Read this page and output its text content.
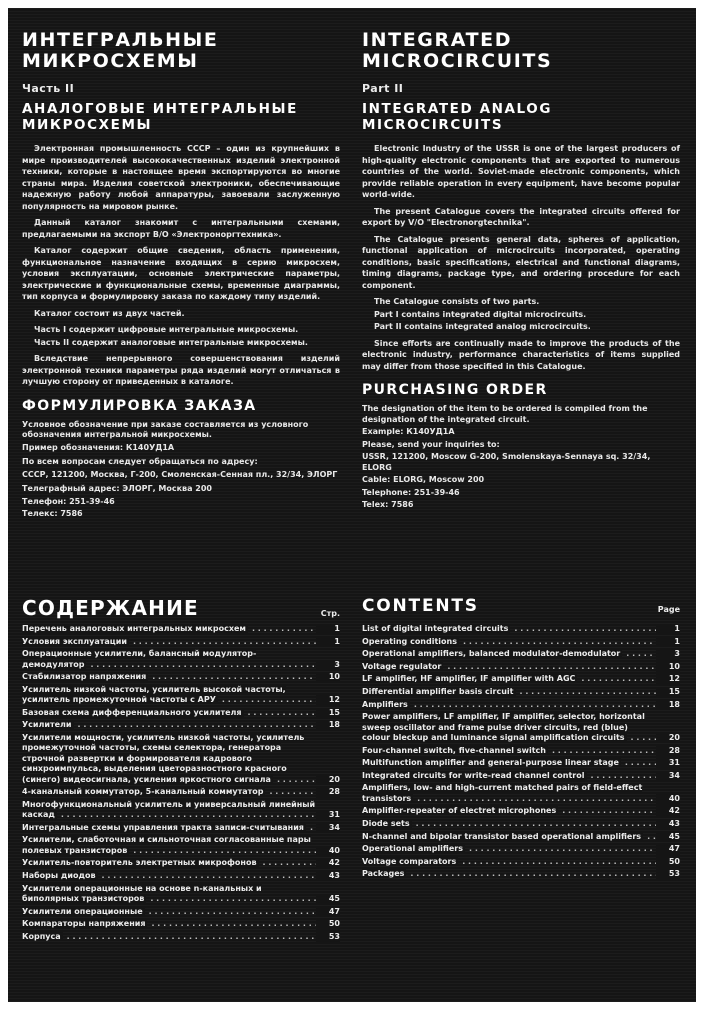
ИНТЕГРАЛЬНЫЕ МИКРОСХЕМЫ
Часть II
АНАЛОГОВЫЕ ИНТЕГРАЛЬНЫЕ МИКРОСХЕМЫ

Электронная промышленность СССР – один из крупнейших в мире производителей высококачественных изделий электронной техники, которые в настоящее время экспортируются во многие страны мира. Изделия советской электроники, обеспечивающие надежную работу любой аппаратуры, завоевали заслуженную популярность на мировом рынке.

Данный каталог знакомит с интегральными схемами, предлагаемыми на экспорт В/О «Электроноргтехника».

Каталог содержит общие сведения, область применения, функциональное назначение входящих в серию микросхем, условия эксплуатации, основные электрические параметры, электрические и функциональные схемы, временные диаграммы, тип корпуса и формулировку заказа по каждому типу изделий.

Каталог состоит из двух частей.

Часть I содержит цифровые интегральные микросхемы.

Часть II содержит аналоговые интегральные микросхемы.

Вследствие непрерывного совершенствования изделий электронной техники параметры ряда изделий могут отличаться в лучшую сторону от приведенных в каталоге.

ФОРМУЛИРОВКА ЗАКАЗА

Условное обозначение при заказе составляется из условного обозначения интегральной микросхемы.

Пример обозначения: К140УД1А

По всем вопросам следует обращаться по адресу:

СССР, 121200, Москва, Г-200, Смоленская-Сенная пл., 32/34, ЭЛОРГ

Телеграфный адрес: ЭЛОРГ, Москва 200

Телефон: 251-39-46

Телекс: 7586

INTEGRATED MICROCIRCUITS
Part II
INTEGRATED ANALOG MICROCIRCUITS

Electronic Industry of the USSR is one of the largest producers of high-quality electronic components that are exported to numerous countries of the world. Soviet-made electronic components, which provide reliable operation in every equipment, have become popular world-wide.

The present Catalogue covers the integrated circuits offered for export by V/O "Electronorgtechnika".

The Catalogue presents general data, spheres of application, functional application of microcircuits incorporated, operating conditions, basic specifications, electrical and functional diagrams, timing diagrams, package type, and ordering procedure for each component.

The Catalogue consists of two parts.

Part I contains integrated digital microcircuits.

Part II contains integrated analog microcircuits.

Since efforts are continually made to improve the products of the electronic industry, performance characteristics of items supplied may differ from those specified in this Catalogue.

PURCHASING ORDER

The designation of the item to be ordered is compiled from the designation of the integrated circuit.

Example: К140УД1А

Please, send your inquiries to:

USSR, 121200, Moscow G-200, Smolenskaya-Sennaya sq. 32/34, ELORG

Cable: ELORG, Moscow 200

Telephone: 251-39-46

Telex: 7586

СОДЕРЖАНИЕ	Стр. CONTENTS	Page
Перечень аналоговых интегральных микросхем . . .	1
Условия эксплуатации . . .	1
Операционные усилители, балансный модулятор-демодулятор . . .	3
Стабилизатор напряжения . . .	10
Усилитель низкой частоты, усилитель высокой частоты, усилитель промежуточной частоты с АРУ . . .	12
Базовая схема дифференциального усилителя . . .	15
Усилители . . .	18
Усилители мощности, усилитель низкой частоты, усилитель промежуточной частоты, схемы селектора, генератора строчной развертки и формирователя кадрового синхроимпульса, выделения цветоразностного красного (синего) видеосигнала, усиления яркостного сигнала . . .	20
4-канальный коммутатор, 5-канальный коммутатор . . .	28
Многофункциональный усилитель и универсальный линейный каскад . . .	31
Интегральные схемы управления тракта записи-считывания . . .	34
Усилители, слаботочная и сильноточная согласованные пары полевых транзисторов . . .	40
Усилитель-повторитель электретных микрофонов . . .	42
Наборы диодов . . .	43
Усилители операционные на основе n-канальных и биполярных транзисторов . . .	45
Усилители операционные . . .	47
Компараторы напряжения . . .	50
Корпуса . . .	53
List of digital integrated circuits . . .	1
Operating conditions . . .	1
Operational amplifiers, balanced modulator-demodulator . . .	3
Voltage regulator . . .	10
LF amplifier, HF amplifier, IF amplifier with AGC . . .	12
Differential amplifier basis circuit . . .	15
Amplifiers . . .	18
Power amplifiers, LF amplifier, IF amplifier, selector, horizontal sweep oscillator and frame pulse driver circuits, red (blue) colour bleckup and luminance signal amplification circuits . . .	20
Four-channel switch, five-channel switch . . .	28
Multifunction amplifier and general-purpose linear stage . . .	31
Integrated circuits for write-read channel control . . .	34
Amplifiers, low- and high-current matched pairs of field-effect transistors . . .	40
Amplifier-repeater of electret microphones . . .	42
Diode sets . . .	43
N-channel and bipolar transistor based operational amplifiers . . .	45
Operational amplifiers . . .	47
Voltage comparators . . .	50
Packages . . .	53
